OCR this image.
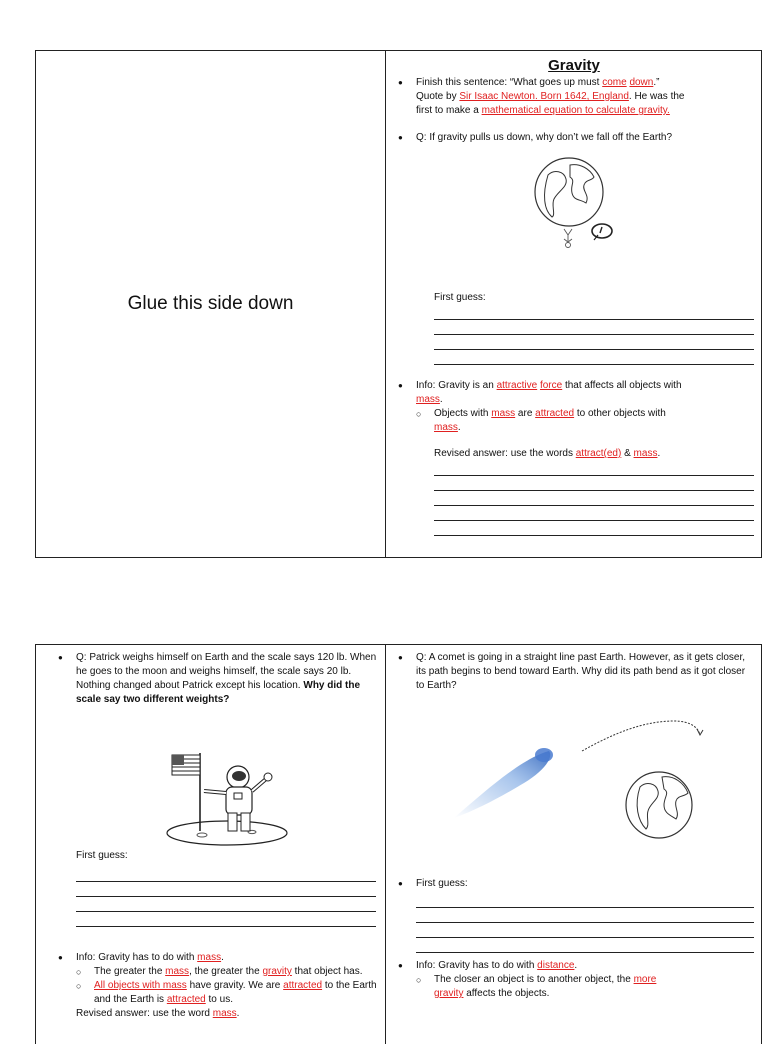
Glue this side down
Gravity
● Finish this sentence: “What goes up must come down.”
Quote by Sir Isaac Newton. Born 1642, England. He was the
first to make a mathematical equation to calculate gravity.
● Q: If gravity pulls us down, why don’t we fall off the Earth?
First guess:
● Info: Gravity is an attractive force that affects all objects with
mass.
○ Objects with mass are attracted to other objects with
mass.
Revised answer: use the words attract(ed) & mass.
● Q: Patrick weighs himself on Earth and the scale says 120 lb. When he goes to the moon and weighs himself, the scale says 20 lb. Nothing changed about Patrick except his location. Why did the scale say two different weights?
First guess:
● Info: Gravity has to do with mass.
○ The greater the mass, the greater the gravity that object has.
○ All objects with mass have gravity. We are attracted to the Earth and the Earth is attracted to us.
Revised answer: use the word mass.
● Q: A comet is going in a straight line past Earth. However, as it gets closer, its path begins to bend toward Earth. Why did its path bend as it got closer to Earth?
● First guess:
● Info: Gravity has to do with distance.
○ The closer an object is to another object, the more
gravity affects the objects.
